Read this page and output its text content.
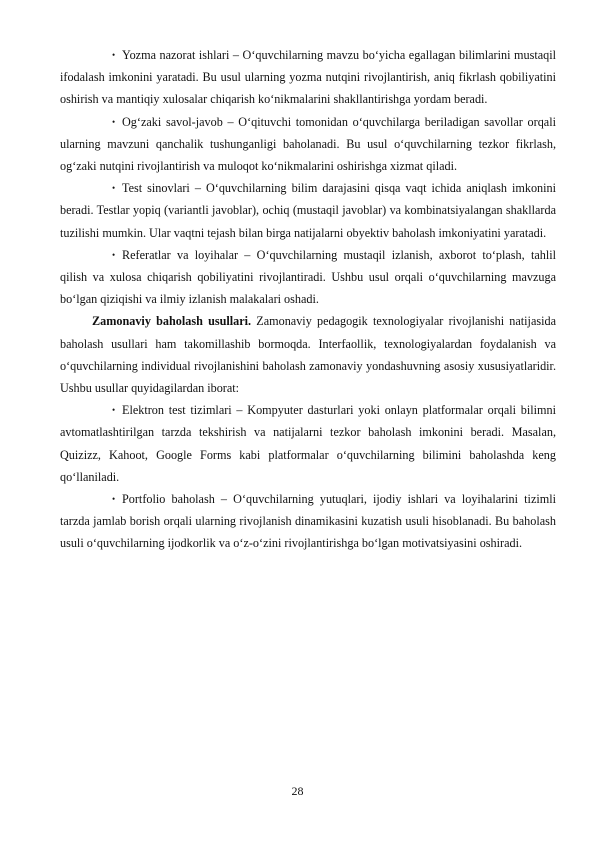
• Yozma nazorat ishlari – O‘quvchilarning mavzu bo‘yicha egallagan bilimlarini mustaqil ifodalash imkonini yaratadi. Bu usul ularning yozma nutqini rivojlantirish, aniq fikrlash qobiliyatini oshirish va mantiqiy xulosalar chiqarish ko‘nikmalarini shakllantirishga yordam beradi.

• Og‘zaki savol-javob – O‘qituvchi tomonidan o‘quvchilarga beriladigan savollar orqali ularning mavzuni qanchalik tushunganligi baholanadi. Bu usul o‘quvchilarning tezkor fikrlash, og‘zaki nutqini rivojlantirish va muloqot ko‘nikmalarini oshirishga xizmat qiladi.

• Test sinovlari – O‘quvchilarning bilim darajasini qisqa vaqt ichida aniqlash imkonini beradi. Testlar yopiq (variantli javoblar), ochiq (mustaqil javoblar) va kombinatsiyalangan shakllarda tuzilishi mumkin. Ular vaqtni tejash bilan birga natijalarni obyektiv baholash imkoniyatini yaratadi.

• Referatlar va loyihalar – O‘quvchilarning mustaqil izlanish, axborot to‘plash, tahlil qilish va xulosa chiqarish qobiliyatini rivojlantiradi. Ushbu usul orqali o‘quvchilarning mavzuga bo‘lgan qiziqishi va ilmiy izlanish malakalari oshadi.

Zamonaviy baholash usullari. Zamonaviy pedagogik texnologiyalar rivojlanishi natijasida baholash usullari ham takomillashib bormoqda. Interfaollik, texnologiyalardan foydalanish va o‘quvchilarning individual rivojlanishini baholash zamonaviy yondashuvning asosiy xususiyatlaridir. Ushbu usullar quyidagilardan iborat:

• Elektron test tizimlari – Kompyuter dasturlari yoki onlayn platformalar orqali bilimni avtomatlashtirilgan tarzda tekshirish va natijalarni tezkor baholash imkonini beradi. Masalan, Quizizz, Kahoot, Google Forms kabi platformalar o‘quvchilarning bilimini baholashda keng qo‘llaniladi.

• Portfolio baholash – O‘quvchilarning yutuqlari, ijodiy ishlari va loyihalarini tizimli tarzda jamlab borish orqali ularning rivojlanish dinamikasini kuzatish usuli hisoblanadi. Bu baholash usuli o‘quvchilarning ijodkorlik va o‘z-o‘zini rivojlantirishga bo‘lgan motivatsiyasini oshiradi.

28
